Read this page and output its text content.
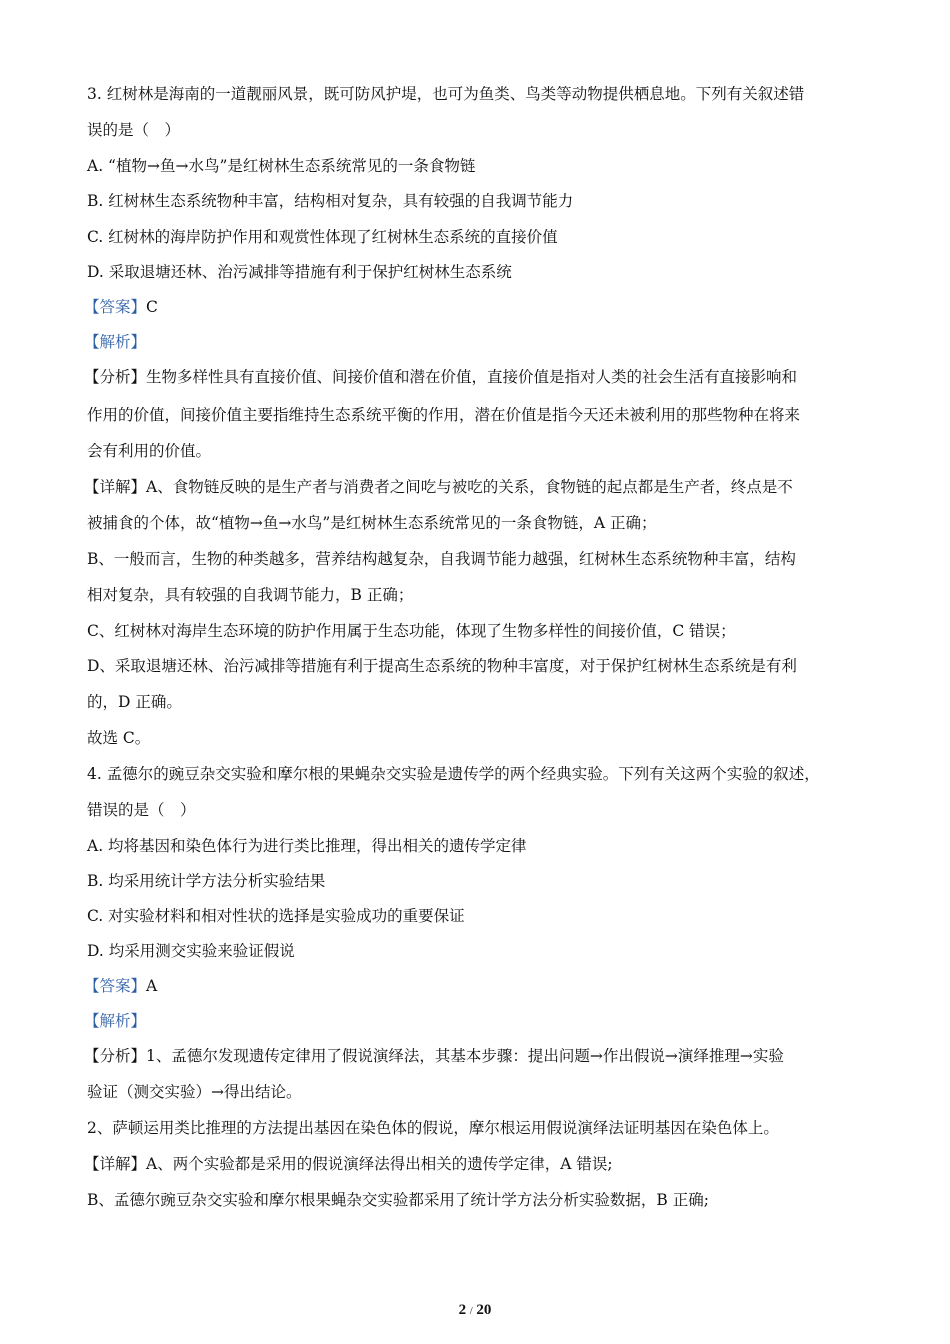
3. 红树林是海南的一道靓丽风景，既可防风护堤，也可为鱼类、鸟类等动物提供栖息地。下列有关叙述错
误的是（　）
A. “植物→鱼→水鸟”是红树林生态系统常见的一条食物链
B. 红树林生态系统物种丰富，结构相对复杂，具有较强的自我调节能力
C. 红树林的海岸防护作用和观赏性体现了红树林生态系统的直接价值
D. 采取退塘还林、治污减排等措施有利于保护红树林生态系统
【答案】C
【解析】
【分析】生物多样性具有直接价值、间接价值和潜在价值，直接价值是指对人类的社会生活有直接影响和
作用的价值，间接价值主要指维持生态系统平衡的作用，潜在价值是指今天还未被利用的那些物种在将来
会有利用的价值。
【详解】A、食物链反映的是生产者与消费者之间吃与被吃的关系，食物链的起点都是生产者，终点是不
被捕食的个体，故“植物→鱼→水鸟”是红树林生态系统常见的一条食物链，A 正确；
B、一般而言，生物的种类越多，营养结构越复杂，自我调节能力越强，红树林生态系统物种丰富，结构
相对复杂，具有较强的自我调节能力，B 正确；
C、红树林对海岸生态环境的防护作用属于生态功能，体现了生物多样性的间接价值，C 错误；
D、采取退塘还林、治污减排等措施有利于提高生态系统的物种丰富度，对于保护红树林生态系统是有利
的，D 正确。
故选 C。
4. 孟德尔的豌豆杂交实验和摩尔根的果蝇杂交实验是遗传学的两个经典实验。下列有关这两个实验的叙述，
错误的是（　）
A. 均将基因和染色体行为进行类比推理，得出相关的遗传学定律
B. 均采用统计学方法分析实验结果
C. 对实验材料和相对性状的选择是实验成功的重要保证
D. 均采用测交实验来验证假说
【答案】A
【解析】
【分析】1、孟德尔发现遗传定律用了假说演绎法，其基本步骤：提出问题→作出假说→演绎推理→实验
验证（测交实验）→得出结论。
2、萨顿运用类比推理的方法提出基因在染色体的假说，摩尔根运用假说演绎法证明基因在染色体上。
【详解】A、两个实验都是采用的假说演绎法得出相关的遗传学定律，A 错误;
B、孟德尔豌豆杂交实验和摩尔根果蝇杂交实验都采用了统计学方法分析实验数据，B 正确;
2 / 20
